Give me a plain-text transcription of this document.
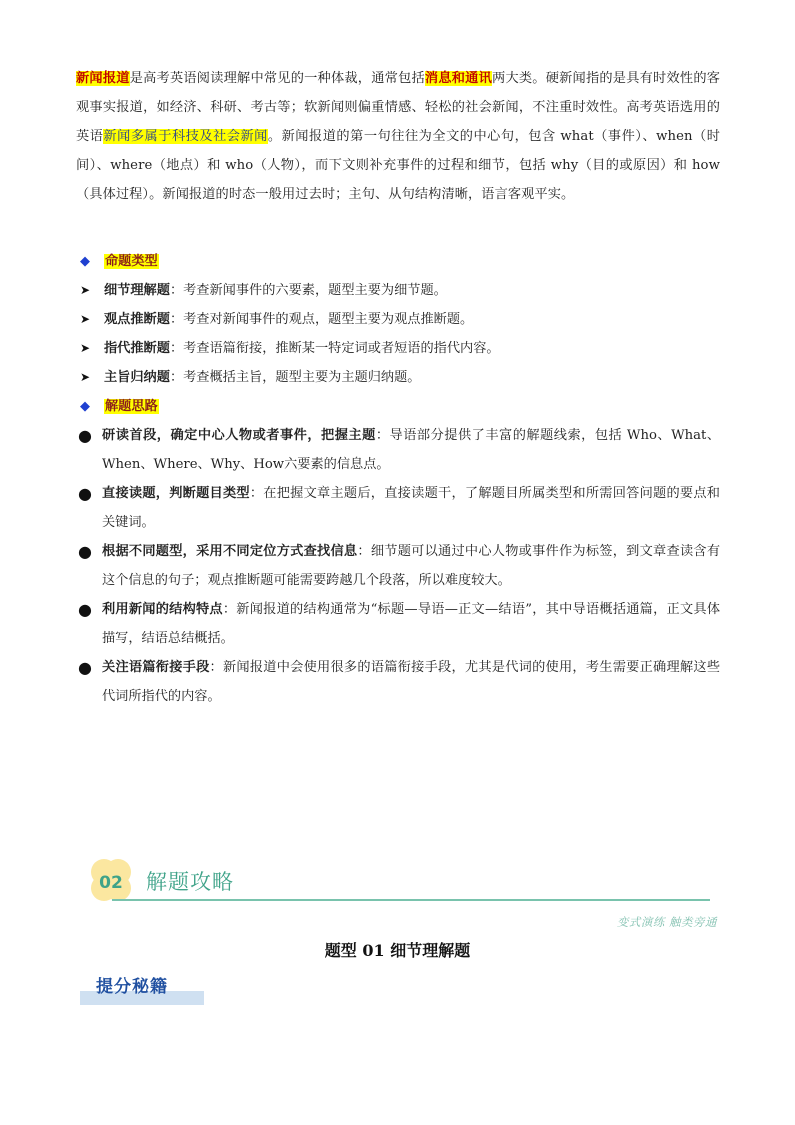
新闻报道是高考英语阅读理解中常见的一种体裁，通常包括消息和通讯两大类。硬新闻指的是具有时效性的客观事实报道，如经济、科研、考古等；软新闻则偏重情感、轻松的社会新闻，不注重时效性。高考英语选用的英语新闻多属于科技及社会新闻。新闻报道的第一句往往为全文的中心句，包含 what（事件）、when（时间）、where（地点）和 who（人物），而下文则补充事件的过程和细节，包括 why（目的或原因）和 how（具体过程）。新闻报道的时态一般用过去时；主句、从句结构清晰，语言客观平实。
◆	命题类型
➤	细节理解题：考查新闻事件的六要素，题型主要为细节题。
➤	观点推断题：考查对新闻事件的观点，题型主要为观点推断题。
➤	指代推断题：考查语篇衔接，推断某一特定词或者短语的指代内容。
➤	主旨归纳题：考查概括主旨，题型主要为主题归纳题。
◆	解题思路
● 研读首段，确定中心人物或者事件，把握主题：导语部分提供了丰富的解题线索，包括 Who、What、When、Where、Why、How六要素的信息点。
● 直接读题，判断题目类型：在把握文章主题后，直接读题干，了解题目所属类型和所需回答问题的要点和关键词。
● 根据不同题型，采用不同定位方式查找信息：细节题可以通过中心人物或事件作为标签，到文章查读含有这个信息的句子；观点推断题可能需要跨越几个段落，所以难度较大。
● 利用新闻的结构特点：新闻报道的结构通常为“标题—导语—正文—结语”，其中导语概括通篇，正文具体描写，结语总结概括。
● 关注语篇衔接手段：新闻报道中会使用很多的语篇衔接手段，尤其是代词的使用，考生需要正确理解这些代词所指代的内容。
02 解题攻略
变式演练 触类旁通
题型 01 细节理解题
提分秘籍
